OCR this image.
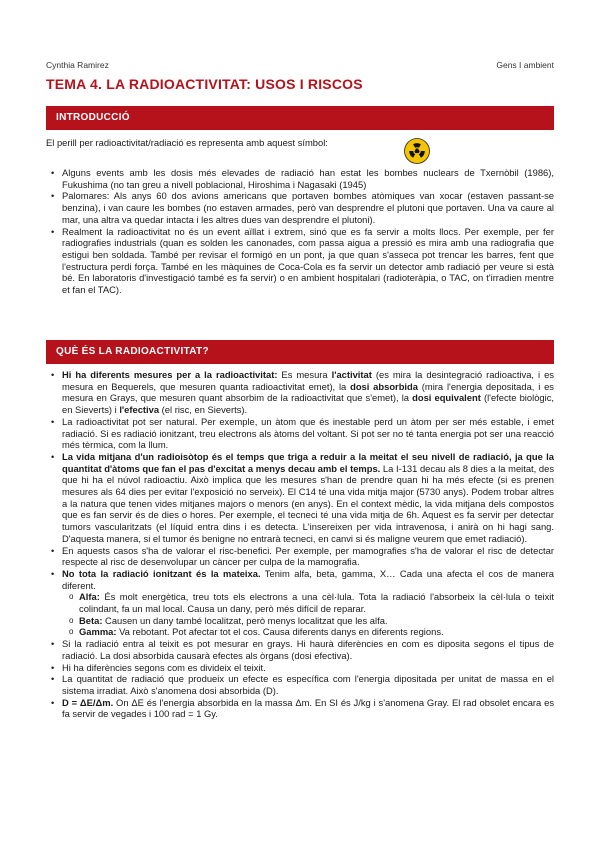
Cynthia Ramirez	Gens I ambient
TEMA 4. LA RADIOACTIVITAT: USOS I RISCOS
INTRODUCCIÓ
El perill per radioactivitat/radiació es representa amb aquest símbol:
• Alguns events amb les dosis més elevades de radiació han estat les bombes nuclears de Txernòbil (1986), Fukushima (no tan greu a nivell poblacional, Hiroshima i Nagasaki (1945)
• Palomares: Als anys 60 dos avions americans que portaven bombes atòmiques van xocar (estaven passant-se benzina), i van caure les bombes (no estaven armades, però van desprendre el plutoni que portaven. Una va caure al mar, una altra va quedar intacta i les altres dues van desprendre el plutoni).
• Realment la radioactivitat no és un event aïllat i extrem, sinó que es fa servir a molts llocs. Per exemple, per fer radiografies industrials (quan es solden les canonades, com passa aigua a pressió es mira amb una radiografia que estigui ben soldada. També per revisar el formigó en un pont, ja que quan s'asseca pot trencar les barres, fent que l'estructura perdi força. També en les màquines de Coca-Cola es fa servir un detector amb radiació per veure si està bé. En laboratoris d'investigació també es fa servir) o en ambient hospitalari (radioteràpia, o TAC, on t'irradien mentre et fan el TAC).
QUÈ ÉS LA RADIOACTIVITAT?
• Hi ha diferents mesures per a la radioactivitat: Es mesura l'activitat (es mira la desintegració radioactiva, i es mesura en Bequerels, que mesuren quanta radioactivitat emet), la dosi absorbida (mira l'energia depositada, i es mesura en Grays, que mesuren quant absorbim de la radioactivitat que s'emet), la dosi equivalent (l'efecte biològic, en Sieverts) i l'efectiva (el risc, en Sieverts).
• La radioactivitat pot ser natural. Per exemple, un àtom que és inestable perd un àtom per ser més estable, i emet radiació. Si es radiació ionitzant, treu electrons als àtoms del voltant. Si pot ser no té tanta energia pot ser una reacció més tèrmica, com la llum.
• La vida mitjana d'un radioisòtop és el temps que triga a reduir a la meitat el seu nivell de radiació, ja que la quantitat d'àtoms que fan el pas d'excitat a menys decau amb el temps. La I-131 decau als 8 dies a la meitat, des que hi ha el núvol radioactiu. Això implica que les mesures s'han de prendre quan hi ha més efecte (si es prenen mesures als 64 dies per evitar l'exposició no serveix). El C14 té una vida mitja major (5730 anys). Podem trobar altres a la natura que tenen vides mitjanes majors o menors (en anys). En el context mèdic, la vida mitjana dels compostos que es fan servir és de dies o hores. Per exemple, el tecneci té una vida mitja de 6h. Aquest es fa servir per detectar tumors vascularitzats (el líquid entra dins i es detecta. L'insereixen per vida intravenosa, i anirà on hi hagi sang. D'aquesta manera, si el tumor és benigne no entrarà tecneci, en canvi si és maligne veurem que emet radiació).
• En aquests casos s'ha de valorar el risc-benefici. Per exemple, per mamografies s'ha de valorar el risc de detectar respecte al risc de desenvolupar un càncer per culpa de la mamografia.
• No tota la radiació ionitzant és la mateixa. Tenim alfa, beta, gamma, X… Cada una afecta el cos de manera diferent.
o Alfa: És molt energètica, treu tots els electrons a una cèl·lula. Tota la radiació l'absorbeix la cèl·lula o teixit colindant, fa un mal local. Causa un dany, però més difícil de reparar.
o Beta: Causen un dany també localitzat, però menys localitzat que les alfa.
o Gamma: Va rebotant. Pot afectar tot el cos. Causa diferents danys en diferents regions.
• Si la radiació entra al teixit es pot mesurar en grays. Hi haurà diferències en com es diposita segons el tipus de radiació. La dosi absorbida causarà efectes als òrgans (dosi efectiva).
• Hi ha diferències segons com es divideix el teixit.
• La quantitat de radiació que produeix un efecte es específica com l'energia dipositada per unitat de massa en el sistema irradiat. Això s'anomena dosi absorbida (D).
• D = ΔE/Δm. On ΔE és l'energia absorbida en la massa Δm. En SI és J/kg i s'anomena Gray. El rad obsolet encara es fa servir de vegades i 100 rad = 1 Gy.
